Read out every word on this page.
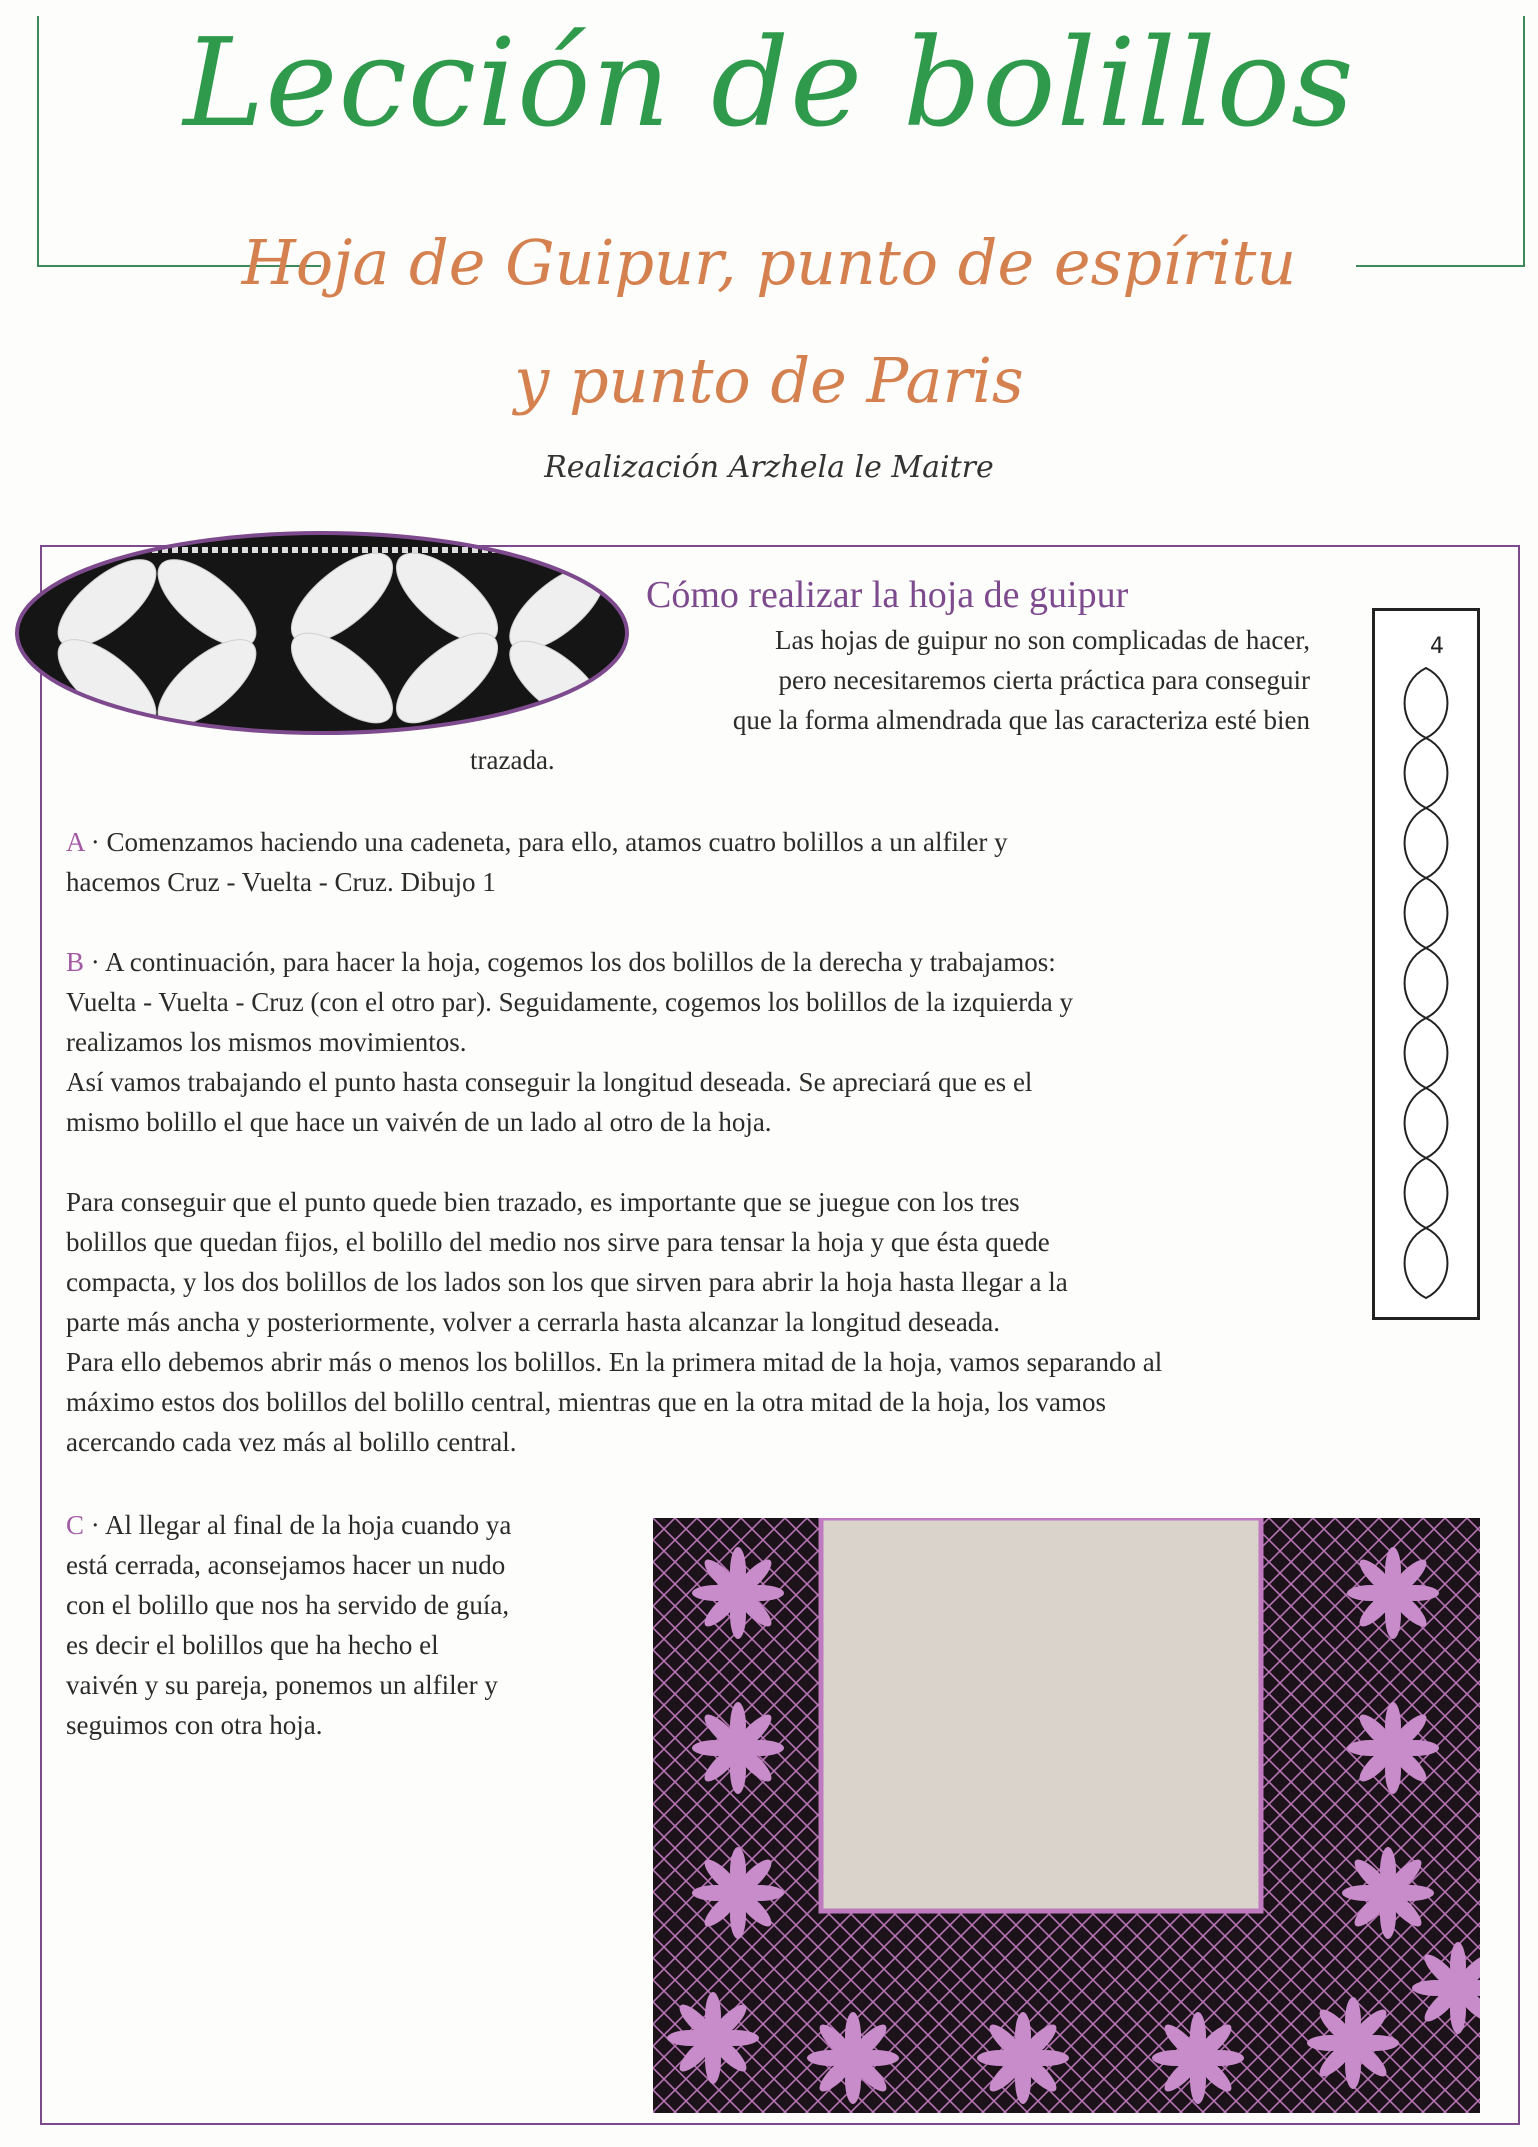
Lección de bolillos
Hoja de Guipur, punto de espíritu
y punto de Paris
Realización Arzhela le Maitre
Cómo realizar la hoja de guipur
Las hojas de guipur no son complicadas de hacer,
pero necesitaremos cierta práctica para conseguir
que la forma almendrada que las caracteriza esté bien
trazada.
A · Comenzamos haciendo una cadeneta, para ello, atamos cuatro bolillos a un alfiler y
hacemos Cruz - Vuelta - Cruz. Dibujo 1
B · A continuación, para hacer la hoja, cogemos los dos bolillos de la derecha y trabajamos:
Vuelta - Vuelta - Cruz (con el otro par). Seguidamente, cogemos los bolillos de la izquierda y
realizamos los mismos movimientos.
Así vamos trabajando el punto hasta conseguir la longitud deseada. Se apreciará que es el
mismo bolillo el que hace un vaivén de un lado al otro de la hoja.
Para conseguir que el punto quede bien trazado, es importante que se juegue con los tres
bolillos que quedan fijos, el bolillo del medio nos sirve para tensar la hoja y que ésta quede
compacta, y los dos bolillos de los lados son los que sirven para abrir la hoja hasta llegar a la
parte más ancha y posteriormente, volver a cerrarla hasta alcanzar la longitud deseada.
Para ello debemos abrir más o menos los bolillos. En la primera mitad de la hoja, vamos separando al
máximo estos dos bolillos del bolillo central, mientras que en la otra mitad de la hoja, los vamos
acercando cada vez más al bolillo central.
C · Al llegar al final de la hoja cuando ya
está cerrada, aconsejamos hacer un nudo
con el bolillo que nos ha servido de guía,
es decir el bolillos que ha hecho el
vaivén y su pareja, ponemos un alfiler y
seguimos con otra hoja.
4
